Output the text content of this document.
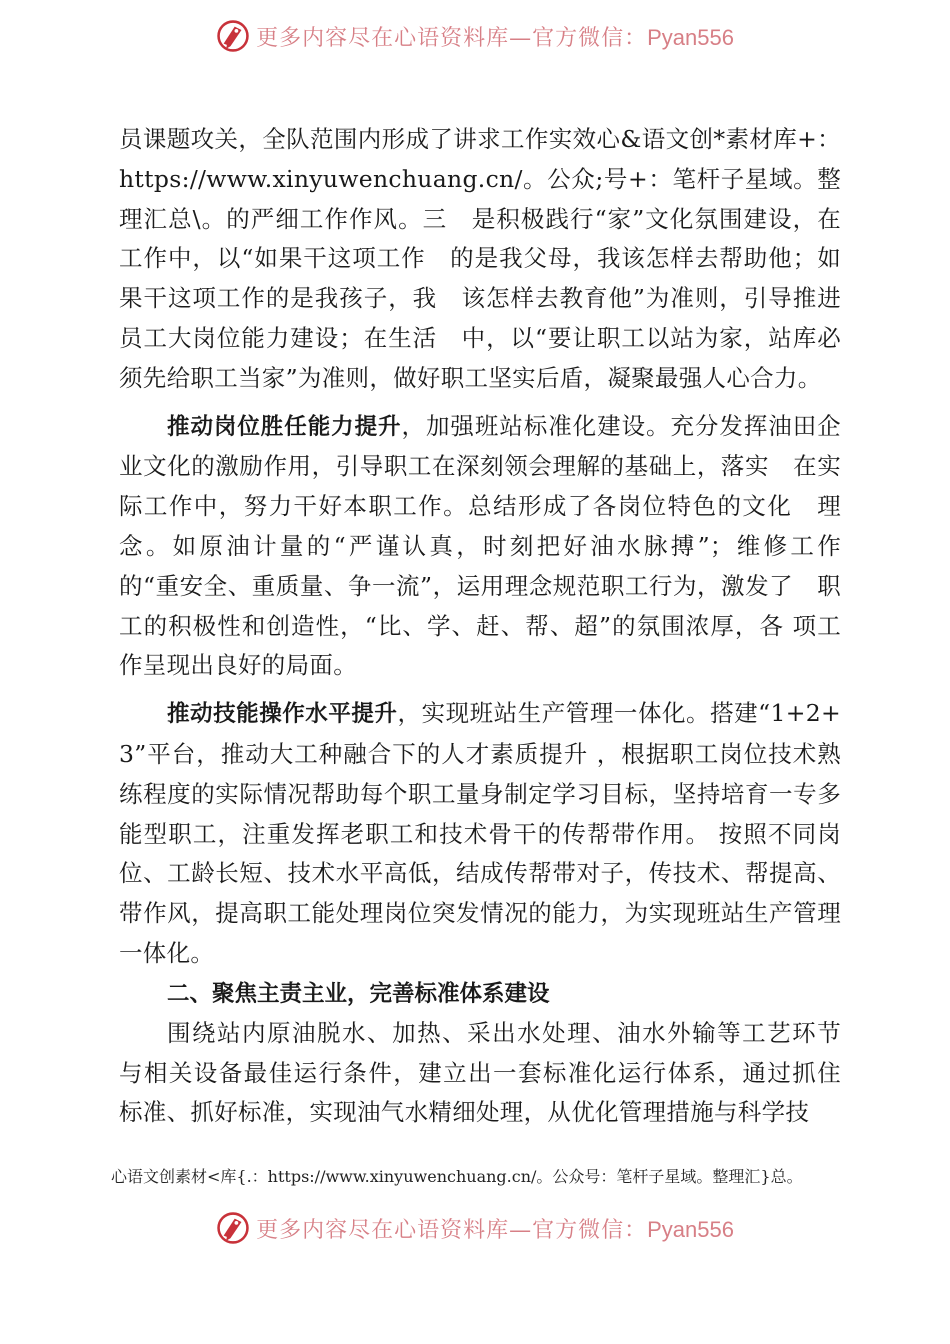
更多内容尽在心语资料库—官方微信：Pyan556

员课题攻关，全队范围内形成了讲求工作实效心&语文创*素材库+：https://www.xinyuwenchuang.cn/。公众;号+：笔杆子星域。整理汇总\。的严细工作作风。三　是积极践行“家”文化氛围建设，在工作中，以“如果干这项工作　的是我父母，我该怎样去帮助他；如果干这项工作的是我孩子，我　该怎样去教育他”为准则，引导推进员工大岗位能力建设；在生活　中，以“要让职工以站为家，站库必须先给职工当家”为准则，做好职工坚实后盾，凝聚最强人心合力。

推动岗位胜任能力提升，加强班站标准化建设。充分发挥油田企业文化的激励作用，引导职工在深刻领会理解的基础上，落实　在实际工作中，努力干好本职工作。总结形成了各岗位特色的文化　理念。如原油计量的“严谨认真，时刻把好油水脉搏”；维修工作　的“重安全、重质量、争一流”，运用理念规范职工行为，激发了　职工的积极性和创造性，“比、学、赶、帮、超”的氛围浓厚，各 项工作呈现出良好的局面。

推动技能操作水平提升，实现班站生产管理一体化。搭建“1+2+3”平台，推动大工种融合下的人才素质提升 ，根据职工岗位技术熟练程度的实际情况帮助每个职工量身制定学习目标，坚持培育一专多能型职工，注重发挥老职工和技术骨干的传帮带作用。 按照不同岗位、工龄长短、技术水平高低，结成传帮带对子，传技术、帮提高、带作风，提高职工能处理岗位突发情况的能力，为实现班站生产管理一体化。

二、聚焦主责主业，完善标准体系建设

围绕站内原油脱水、加热、采出水处理、油水外输等工艺环节 与相关设备最佳运行条件，建立出一套标准化运行体系，通过抓住　标准、抓好标准，实现油气水精细处理，从优化管理措施与科学技

心语文创素材<库{.：https://www.xinyuwenchuang.cn/。公众号：笔杆子星域。整理汇}总。
更多内容尽在心语资料库—官方微信：Pyan556
